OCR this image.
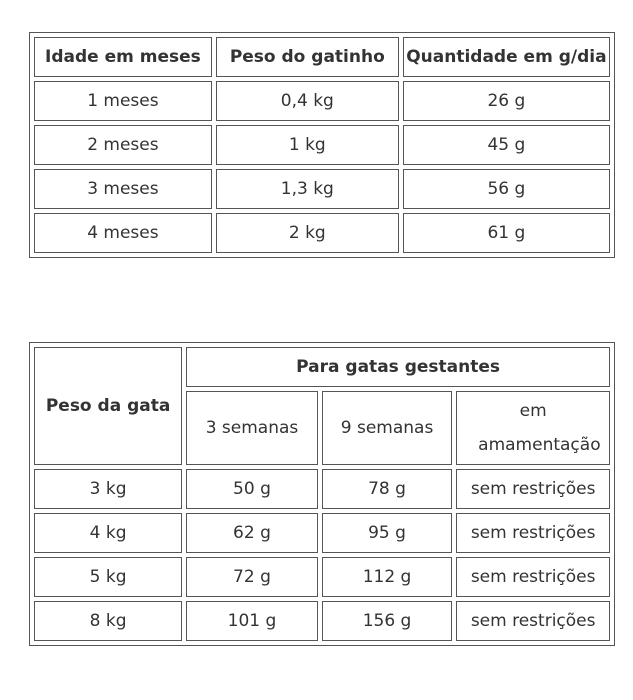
Idade em meses	Peso do gatinho	Quantidade em g/dia
1 meses	0,4 kg	26 g
2 meses	1 kg	45 g
3 meses	1,3 kg	56 g
4 meses	2 kg	61 g
Peso da gata	Para gatas gestantes		
	3 semanas	9 semanas	em amamentação
3 kg	50 g	78 g	sem restrições
4 kg	62 g	95 g	sem restrições
5 kg	72 g	112 g	sem restrições
8 kg	101 g	156 g	sem restrições
